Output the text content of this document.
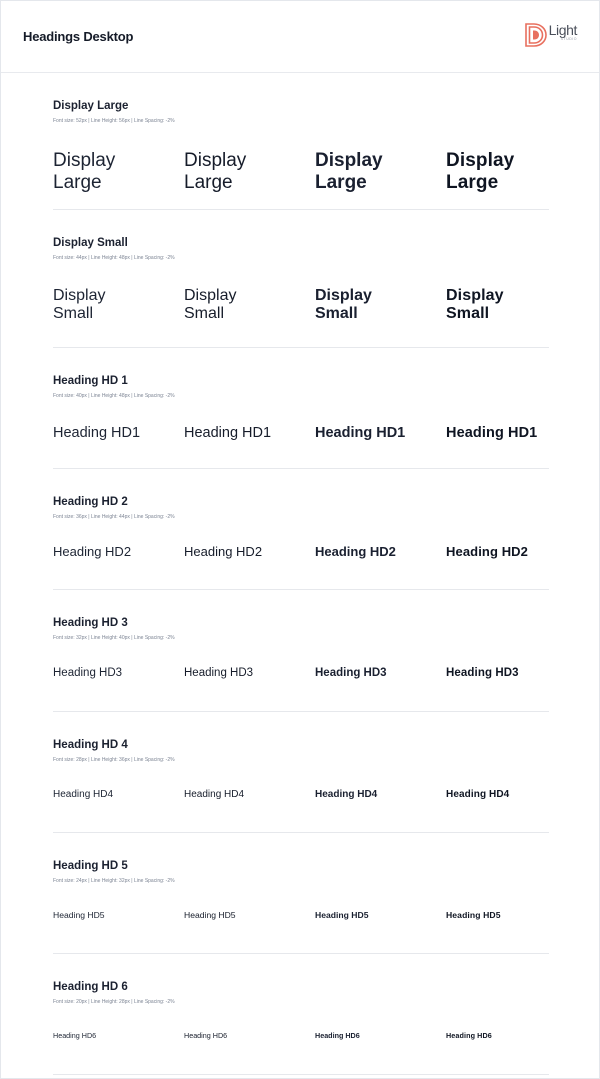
Headings Desktop	Light
STUDIO
Display Large
Font size: 52px | Line Height: 56px | Line Spacing: -2%
Display
Large
Display
Large
Display
Large
Display
Large
Display Small
Font size: 44px | Line Height: 48px | Line Spacing: -2%
Display
Small
Display
Small
Display
Small
Display
Small
Heading HD 1
Font size: 40px | Line Height: 48px | Line Spacing: -2%
Heading HD1	Heading HD1	Heading HD1	Heading HD1
Heading HD 2
Font size: 36px | Line Height: 44px | Line Spacing: -2%
Heading HD2	Heading HD2	Heading HD2	Heading HD2
Heading HD 3
Font size: 32px | Line Height: 40px | Line Spacing: -2%
Heading HD3	Heading HD3	Heading HD3	Heading HD3
Heading HD 4
Font size: 28px | Line Height: 36px | Line Spacing: -2%
Heading HD4	Heading HD4	Heading HD4	Heading HD4
Heading HD 5
Font size: 24px | Line Height: 32px | Line Spacing: -2%
Heading HD5	Heading HD5	Heading HD5	Heading HD5
Heading HD 6
Font size: 20px | Line Height: 28px | Line Spacing: -2%
Heading HD6	Heading HD6	Heading HD6	Heading HD6
